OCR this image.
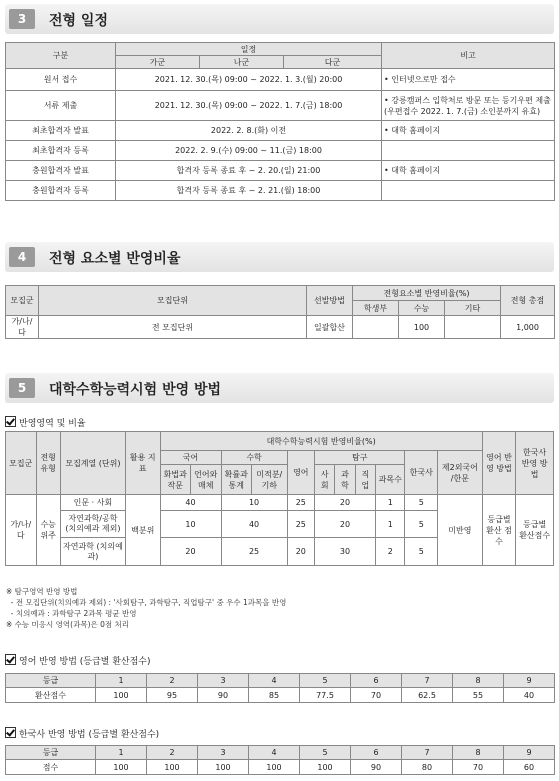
3	전형 일정
구분	일정			비고
	가군	나군	다군	
원서 접수	2021. 12. 30.(목) 09:00 ~ 2022. 1. 3.(월) 20:00			• 인터넷으로만 접수
서류 제출	2021. 12. 30.(목) 09:00 ~ 2022. 1. 7.(금) 18:00			• 강릉캠퍼스 입학처로 방문 또는 등기우편 제출 (우편접수 2022. 1. 7.(금) 소인분까지 유효)
최초합격자 발표	2022. 2. 8.(화) 이전			• 대학 홈페이지
최초합격자 등록	2022. 2. 9.(수) 09:00 ~ 11.(금) 18:00			
충원합격자 발표	합격자 등록 종료 후 ~ 2. 20.(일) 21:00			• 대학 홈페이지
충원합격자 등록	합격자 등록 종료 후 ~ 2. 21.(월) 18:00			
4	전형 요소별 반영비율
모집군	모집단위	선발방법	전형요소별 반영비율(%)			전형 총점
			학생부	수능	기타	
가/나/다	전 모집단위	일괄합산		100		1,000
5	대학수학능력시험 반영 방법
반영영역 및 비율
모집군	전형 유형	모집계열 (단위)	활용 지표	대학수학능력시험 반영비율(%)											영어 반영 방법	한국사 반영 방법
				국어		수학		영어	탐구				한국사	제2외국어 /한문		
				화법과 작문	언어와 매체	확률과 통계	미적분/ 기하		사회	과학	직업	과목수				
가/나/다	수능 위주	인문 · 사회	백분위	40		10		25	20			1	5	미반영	등급별 환산 점수	등급별 환산점수
		자연과학/공학 (치의예과 제외)		10		40		25	20			1	5			
		자연과학 (치의예과)		20		25		20	30			2	5			
※ 탐구영역 반영 방법
- 전 모집단위(치의예과 제외) : '사회탐구, 과학탐구, 직업탐구' 중 우수 1과목을 반영
- 치의예과 : 과학탐구 2과목 평균 반영
※ 수능 미응시 영역(과목)은 0점 처리
영어 반영 방법 (등급별 환산점수)
등급	1	2	3	4	5	6	7	8	9
환산점수	100	95	90	85	77.5	70	62.5	55	40
한국사 반영 방법 (등급별 환산점수)
등급	1	2	3	4	5	6	7	8	9
점수	100	100	100	100	100	90	80	70	60
